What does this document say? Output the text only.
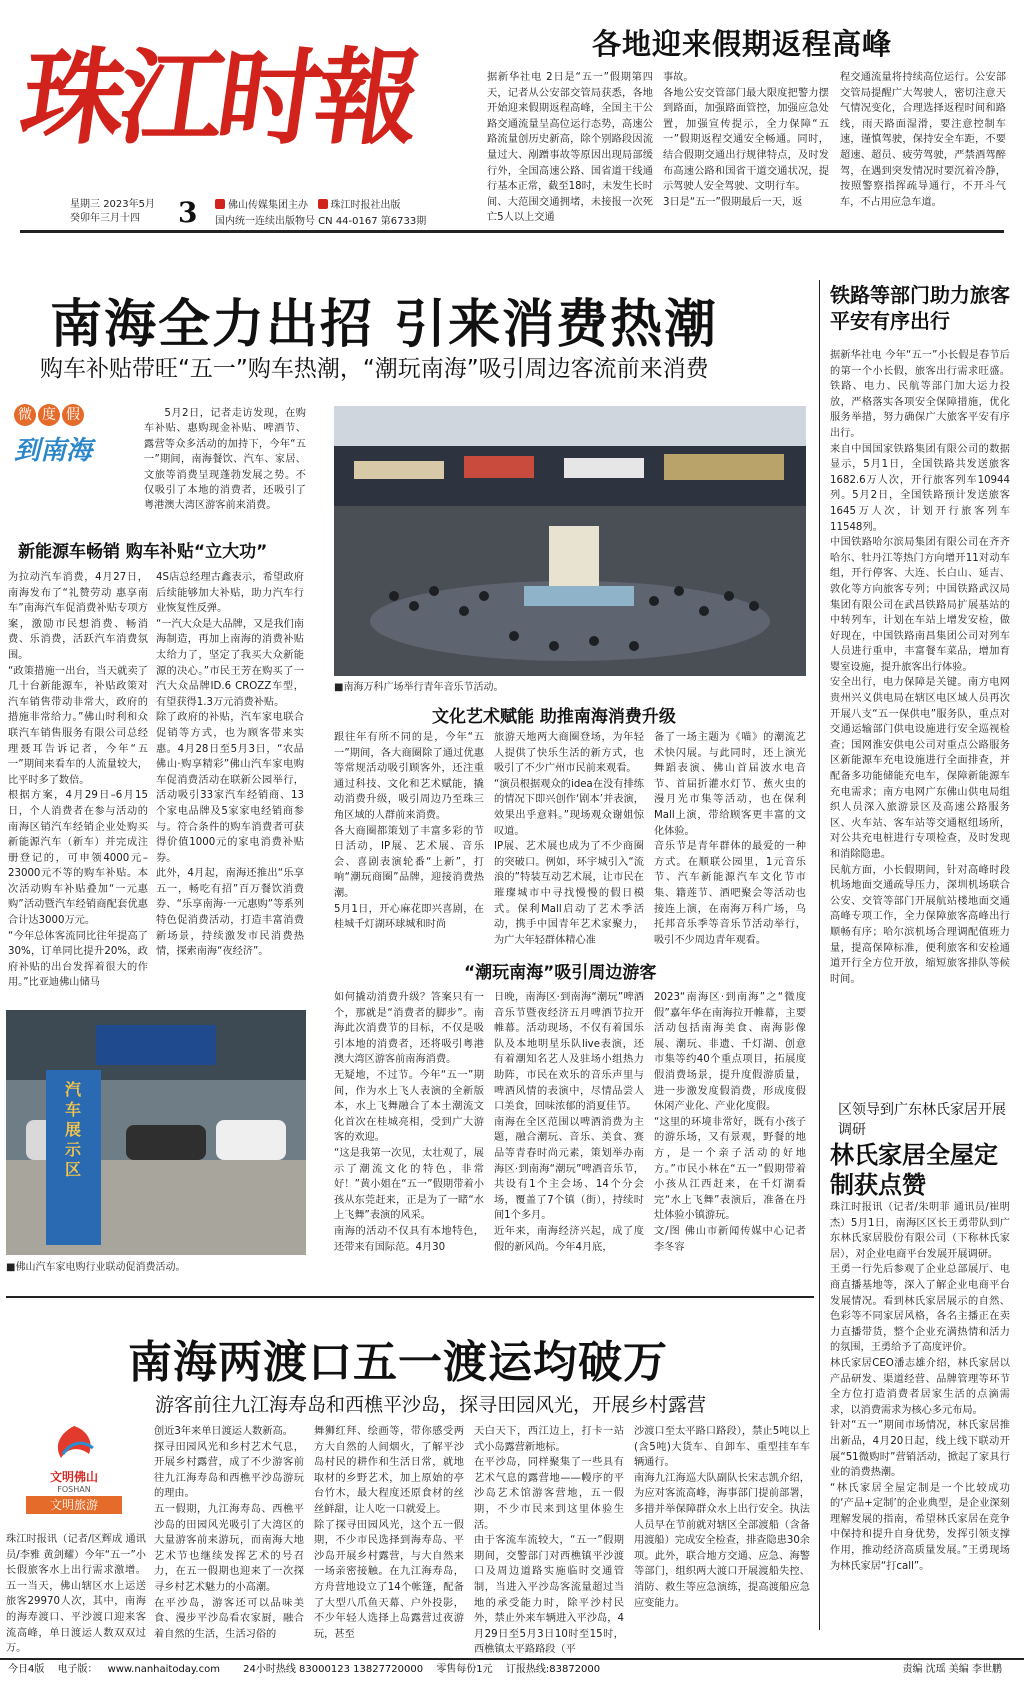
珠江时報
星期三 2023年5月
癸卯年三月十四	3	佛山传媒集团主办 珠江时报社出版
国内统一连续出版物号 CN 44-0167 第6733期
各地迎来假期返程高峰
据新华社电 2日是“五一”假期第四天，记者从公安部交管局获悉，各地开始迎来假期返程高峰，全国主干公路交通流量呈高位运行态势，高速公路流量创历史新高，除个别路段因流量过大、剐蹭事故等原因出现局部缓行外，全国高速公路、国省道干线通行基本正常，截至18时，未发生长时间、大范围交通拥堵，未接报一次死亡5人以上交通
事故。
各地公安交管部门最大限度把警力摆到路面，加强路面管控，加强应急处置，加强宣传提示，全力保障“五一”假期返程交通安全畅通。同时，结合假期交通出行规律特点，及时发布高速公路和国省干道交通状况，提示驾驶人安全驾驶、文明行车。
3日是“五一”假期最后一天，返
程交通流量将持续高位运行。公安部交管局提醒广大驾驶人，密切注意天气情况变化，合理选择返程时间和路线，雨天路面湿滑，要注意控制车速，谨慎驾驶，保持安全车距，不要超速、超员、疲劳驾驶，严禁酒驾醉驾，在遇到突发情况时要沉着冷静，按照警察指挥疏导通行，不开斗气车，不占用应急车道。
南海全力出招 引来消费热潮
购车补贴带旺“五一”购车热潮，“潮玩南海”吸引周边客流前来消费
微 度 假
到南海
5月2日，记者走访发现，在购车补贴、惠购现金补贴、啤酒节、露营等众多活动的加持下，今年“五一”期间，南海餐饮、汽车、家居、文旅等消费呈现蓬勃发展之势。不仅吸引了本地的消费者，还吸引了粤港澳大湾区游客前来消费。
新能源车畅销 购车补贴“立大功”
为拉动汽车消费，4月27日，南海发布了“礼赞劳动 惠享南车”南海汽车促消费补贴专项方案，激励市民想消费、畅消费、乐消费，活跃汽车消费氛围。
“政策措施一出台，当天就卖了几十台新能源车，补贴政策对汽车销售带动非常大，政府的措施非常给力。”佛山时利和众联汽车销售服务有限公司总经理聂耳告诉记者，今年“五一”期间来看车的人流量较大，比平时多了数倍。
根据方案，4月29日–6月15日，个人消费者在参与活动的南海区销汽车经销企业处购买新能源汽车（新车）并完成注册登记的，可申领4000元–23000元不等的购车补贴。本次活动购车补贴叠加“一元惠购”活动暨汽车经销商配套优惠合计达3000万元。
“今年总体客流同比往年提高了30%，订单同比提升20%，政府补贴的出台发挥着很大的作用。”比亚迪佛山储马
4S店总经理古鑫表示，希望政府后续能够加大补贴，助力汽车行业恢复性反弹。
“一汽大众是大品牌，又是我们南海制造，再加上南海的消费补贴太给力了，坚定了我买大众新能源的决心。”市民王芳在购买了一汽大众品牌ID.6 CROZZ车型，有望获得1.3万元消费补贴。
除了政府的补贴，汽车家电联合促销等方式，也为顾客带来实惠。4月28日至5月3日，“农品佛山·购享精彩”佛山汽车家电购车促消费活动在联新公园举行，活动吸引33家汽车经销商、13个家电品牌及5家家电经销商参与。符合条件的购车消费者可获得价值1000元的家电消费补贴券。
此外，4月起，南海还推出“乐享五一，畅吃有招”百万餐饮消费券、“乐享南海·一元惠购”等系列特色促消费活动，打造丰富消费新场景，持续激发市民消费热情，探索南海“夜经济”。
■南海万科广场举行青年音乐节活动。
文化艺术赋能 助推南海消费升级
跟往年有所不同的是，今年“五一”期间，各大商圈除了通过优惠等常规活动吸引顾客外，还注重通过科技、文化和艺术赋能，撬动消费升级，吸引周边乃至珠三角区域的人群前来消费。
各大商圈都策划了丰富多彩的节日活动，IP展、艺术展、音乐会、喜剧表演轮番“上新”，打响“潮玩商圈”品牌，迎接消费热潮。
5月1日，开心麻花即兴喜剧，在桂城千灯湖环球城和时尚
旅游天地两大商圈登场，为年轻人提供了快乐生活的新方式，也吸引了不少广州市民前来观看。
“演员根据观众的idea在没有排练的情况下即兴创作‘剧本’并表演，效果出乎意料。”现场观众谢姐惊叹道。
IP展、艺术展也成为了不少商圈的突破口。例如，环宇城引入“流浪的”特装互动艺术展，让市民在璀璨城市中寻找慢慢的假日模式。保利Mall启动了艺术季活动，携手中国青年艺术家聚力，为广大年轻群体精心准
备了一场主题为《喵》的潮流艺术快闪展。与此同时，还上演光舞蹈表演、佛山首届波水电音节、首届折灌水灯节、蕉火虫的漫月光市集等活动，也在保利Mall上演，带给顾客更丰富的文化体验。
音乐节是青年群体的最爱的一种方式。在顺联公园里，1元音乐节、汽车新能源汽车文化节市集、籍莲节、酒吧聚会等活动也接连上演，在南海万科广场，乌托邦音乐季等音乐节活动举行，吸引不少周边青年观看。
“潮玩南海”吸引周边游客
如何撬动消费升级？答案只有一个，那就是“消费者的脚步”。南海此次消费节的目标，不仅是吸引本地的消费者，还将吸引粤港澳大湾区游客前南海消费。
无疑地，不过节。今年“五一”期间，作为水上飞人表演的全新版本，水上飞舞融合了本土潮流文化首次在桂城亮相，受到广大游客的欢迎。
“这是我第一次见，太壮观了，展示了潮流文化的特色，非常好！”黄小姐在“五一”假期带着小孩从东莞赶来，正是为了一睹“水上飞舞”表演的风采。
南海的活动不仅具有本地特色，还带来有国际范。4月30
日晚，南海区·到南海“潮玩”啤酒音乐节暨夜经济五月啤酒节拉开帷幕。活动现场，不仅有着国乐队及本地明星乐队live表演，还有着潮知名艺人及驻场小组热力助阵，市民在欢乐的音乐声里与啤酒风情的表演中，尽情品尝人口美食，回味浓郁的消夏佳节。
南海在全区范围以啤酒消费为主题，融合潮玩、音乐、美食、赛品等青春时尚元素，策划举办南海区·到南海“潮玩”啤酒音乐节，共设有1个主会场、14个分会场，覆盖了7个镇（街），持续时间1个多月。
近年来，南海经济兴起，成了度假的新风尚。今年4月底，
2023“南海区·到南海”之“微度假”嘉年华在南海拉开帷幕，主要活动包括南海美食、南海影像展、潮玩、非遗、千灯湖、创意市集等约40个重点项目，拓展度假消费场景，提升度假游质量，进一步激发度假消费，形成度假休闲产业化、产业化度假。
“这里的环境非常好，既有小孩子的游乐场，又有景观，野餐的地方，是一个亲子活动的好地方。”市民小林在“五一”假期带着小孩从江西赶来，在千灯湖看完“水上飞舞”表演后，准备在丹灶体验小镇游玩。
文/图 佛山市新闻传媒中心记者 李冬容
汽车展示区
■佛山汽车家电购行业联动促消费活动。
铁路等部门助力旅客平安有序出行
据新华社电 今年“五一”小长假是春节后的第一个小长假，旅客出行需求旺盛。铁路、电力、民航等部门加大运力投放，严格落实各项安全保障措施，优化服务举措，努力确保广大旅客平安有序出行。
来自中国国家铁路集团有限公司的数据显示，5月1日，全国铁路共发送旅客1682.6万人次，开行旅客列车10944列。5月2日，全国铁路预计发送旅客1645万人次，计划开行旅客列车11548列。
中国铁路哈尔滨局集团有限公司在齐齐哈尔、牡丹江等热门方向增开11对动车组，开行停客、大连、长白山、延吉、敦化等方向旅客专列；中国铁路武汉局集团有限公司在武昌铁路局扩展基站的中转列车，计划在车站上增发安检，做好现在，中国铁路南昌集团公司对列车人员进行重申，丰富餐车菜品，增加育婴室设施，提升旅客出行体验。
安全出行，电力保障是关键。南方电网贵州兴义供电局在辖区电区域人员再次开展八支“五一保供电”服务队，重点对交通运输部门供电设施进行安全巡视检查；国网淮安供电公司对重点公路服务区新能源车充电设施进行全面排查，并配备多功能储能充电车，保障新能源车充电需求；南方电网广东佛山供电局组织人员深入旅游景区及高速公路服务区、火车站、客车站等交通枢纽场所，对公共充电桩进行专项检查，及时发现和消除隐患。
民航方面，小长假期间，针对高峰时段机场地面交通疏导压力，深圳机场联合公安、交管等部门开展航站楼地面交通高峰专项工作，全力保障旅客高峰出行顺畅有序；哈尔滨机场合理调配值班力量，提高保障标准，便利旅客和安检通道开行全方位开放，缩短旅客排队等候时间。
区领导到广东林氏家居开展调研
林氏家居全屋定制获点赞
珠江时报讯（记者/朱明菲 通讯员/崔明杰）5月1日，南海区区长王勇带队到广东林氏家居股份有限公司（下称林氏家居），对企业电商平台发展开展调研。
王勇一行先后参观了企业总部展厅、电商直播基地等，深入了解企业电商平台发展情况。看到林氏家居展示的自然、色彩等不同家居风格，各名主播正在卖力直播带货，整个企业充满热情和活力的氛围，王勇给予了高度评价。
林氏家居CEO潘志雄介绍，林氏家居以产品研发、渠道经营、品牌管理等环节全方位打造消费者居家生活的点滴需求，以消费需求为核心多元布局。
针对“五一”期间市场情况，林氏家居推出新品，4月20日起，线上线下联动开展“51微购时”营销活动，掀起了家具行业的消费热潮。
“林氏家居全屋定制是一个比较成功的‘产品+定制’的企业典型，是企业深刻理解发展的指南，希望林氏家居在竞争中保持和提升自身优势，发挥引领支撑作用，推动经济高质量发展。”王勇现场为林氏家居“打call”。
南海两渡口五一渡运均破万
游客前往九江海寿岛和西樵平沙岛，探寻田园风光，开展乡村露营
文明佛山
FOSHAN
文明旅游
珠江时报讯（记者/区辉成 通讯员/李雅 黄剑耀）今年“五一”小长假旅客水上出行需求激增。五一当天，佛山辖区水上运送旅客29970人次，其中，南海的海寿渡口、平沙渡口迎来客流高峰，单日渡运人数双双过万。
创近3年来单日渡运人数新高。
探寻田园风光和乡村艺术气息，开展乡村露营，成了不少游客前往九江海寿岛和西樵平沙岛游玩的理由。
五一假期，九江海寿岛、西樵平沙岛的田园风光吸引了大湾区的大量游客前来游玩，而南海大地艺术节也继续发挥艺术的号召力，在五一假期也迎来了一次探寻乡村艺术魅力的小高潮。
在平沙岛，游客还可以品味美食、漫步平沙岛看农家厨，融合着自然的生活，生活习俗的
舞狮红拜、绘画等，带你感受两方大自然的人间烟火，了解平沙岛村民的耕作和生活日常，就地取材的乡野艺术，加上原始的亭台竹木，最大程度还原食材的丝丝鲜甜，让人吃一口就爱上。
除了探寻田园风光，这个五一假期，不少市民选择到海寿岛、平沙岛开展乡村露营，与大自然来一场亲密接触。在九江海寿岛，方舟营地设立了14个帐篷，配备了大型八爪鱼天幕、户外投影，不少年轻人选择上岛露营过夜游玩，甚至
天白天下，西江边上，打卡一站式小岛露营新地标。
在平沙岛，同样聚集了一些具有艺术气息的露营地——幔序的平沙岛艺术馆游客营地，五一假期，不少市民来到这里体验生活。
由于客流车流较大，“五一”假期期间，交警部门对西樵镇平沙渡口及周边道路实施临时交通管制，当进入平沙岛客流量超过当地的承受能力时，除平沙村民外，禁止外来车辆进入平沙岛，4月29日至5月3日10时至15时，西樵镇太平路路段（平
沙渡口至太平路口路段），禁止5吨以上(含5吨)大货车、自卸车、重型挂车车辆通行。
南海九江海巡大队副队长宋志凯介绍，为应对客流高峰，海事部门提前部署，多措并举保障群众水上出行安全。执法人员早在节前就对辖区全部渡船（含备用渡船）完成安全检查，排查隐患30余项。此外，联合地方交通、应急、海警等部门，组织两大渡口开展渡船失控、消防、救生等应急演练，提高渡船应急应变能力。
今日4版 电子版： www.nanhaitoday.com 24小时热线 83000123 13827720000 零售每份1元 订报热线:83872000	责编 沈瑶 美编 李世鹏
